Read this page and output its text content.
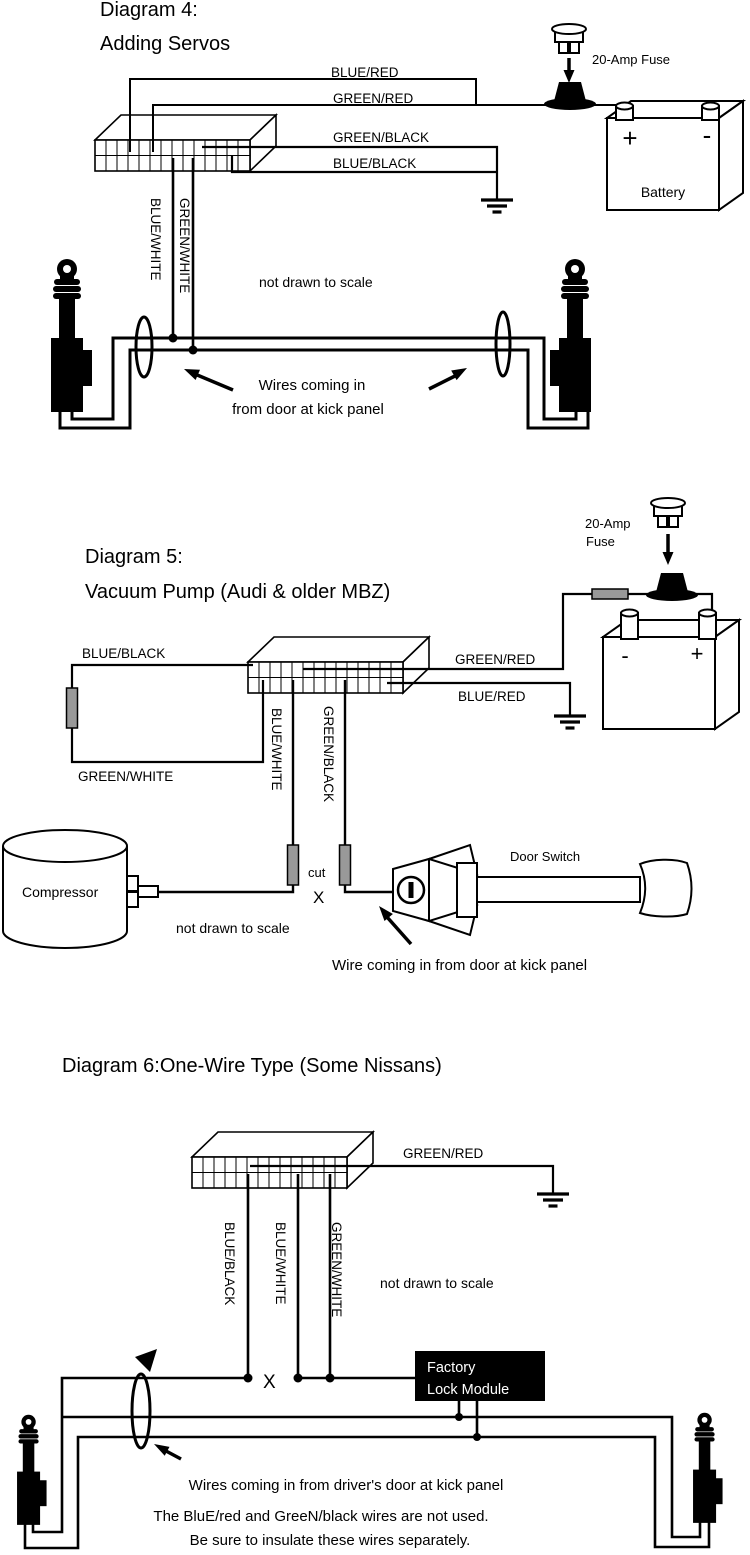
Diagram 4:
Adding Servos
20-Amp Fuse
+	-
Battery
BLUE/RED
GREEN/RED
GREEN/BLACK
BLUE/BLACK
BLUE/WHITE GREEN/WHITE	not drawn to scale
Wires coming in
from door at kick panel
Diagram 5:
Vacuum Pump (Audi & older MBZ)
20-Amp
Fuse
-	+
BLUE/BLACK
GREEN/WHITE
GREEN/RED
BLUE/RED
BLUE/WHITE	GREEN/BLACK
Compressor
cut
X
not drawn to scale
Door Switch
Wire coming in from door at kick panel
Diagram 6:One-Wire Type (Some Nissans)
GREEN/RED
BLUE/BLACK	BLUE/WHITE	GREEN/WHITE	not drawn to scale
X
Factory
Lock Module
Wires coming in from driver's door at kick panel
The BluE/red and GreeN/black wires are not used.
Be sure to insulate these wires separately.
